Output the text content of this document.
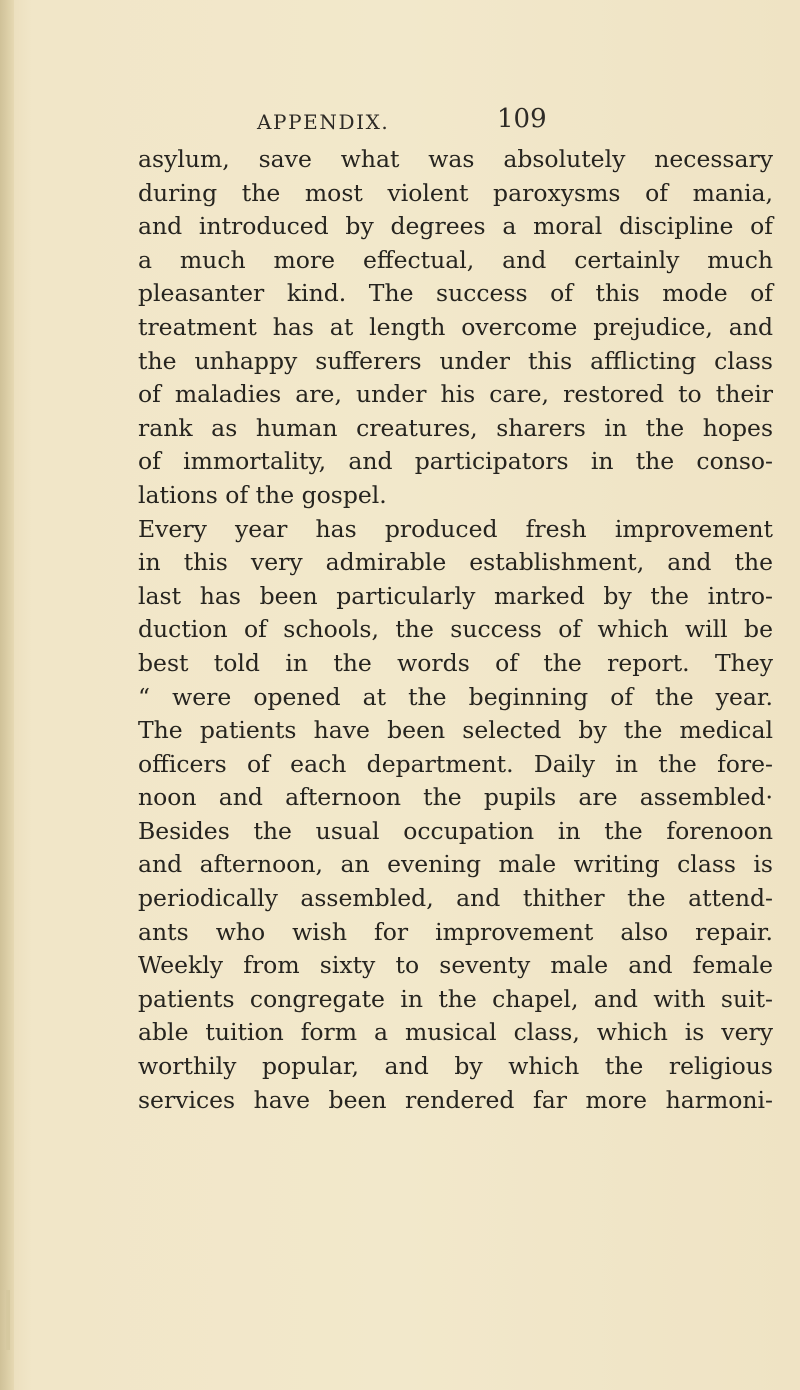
APPENDIX.	109
asylum, save what was absolutely necessary
during the most violent paroxysms of mania,
and introduced by degrees a moral discipline of
a much more effectual, and certainly much
pleasanter kind. The success of this mode of
treatment has at length overcome prejudice, and
the unhappy sufferers under this afflicting class
of maladies are, under his care, restored to their
rank as human creatures, sharers in the hopes
of immortality, and participators in the conso-
lations of the gospel.
Every year has produced fresh improvement
in this very admirable establishment, and the
last has been particularly marked by the intro-
duction of schools, the success of which will be
best told in the words of the report. They
“ were opened at the beginning of the year.
The patients have been selected by the medical
officers of each department. Daily in the fore-
noon and afternoon the pupils are assembled·
Besides the usual occupation in the forenoon
and afternoon, an evening male writing class is
periodically assembled, and thither the attend-
ants who wish for improvement also repair.
Weekly from sixty to seventy male and female
patients congregate in the chapel, and with suit-
able tuition form a musical class, which is very
worthily popular, and by which the religious
services have been rendered far more harmoni-
